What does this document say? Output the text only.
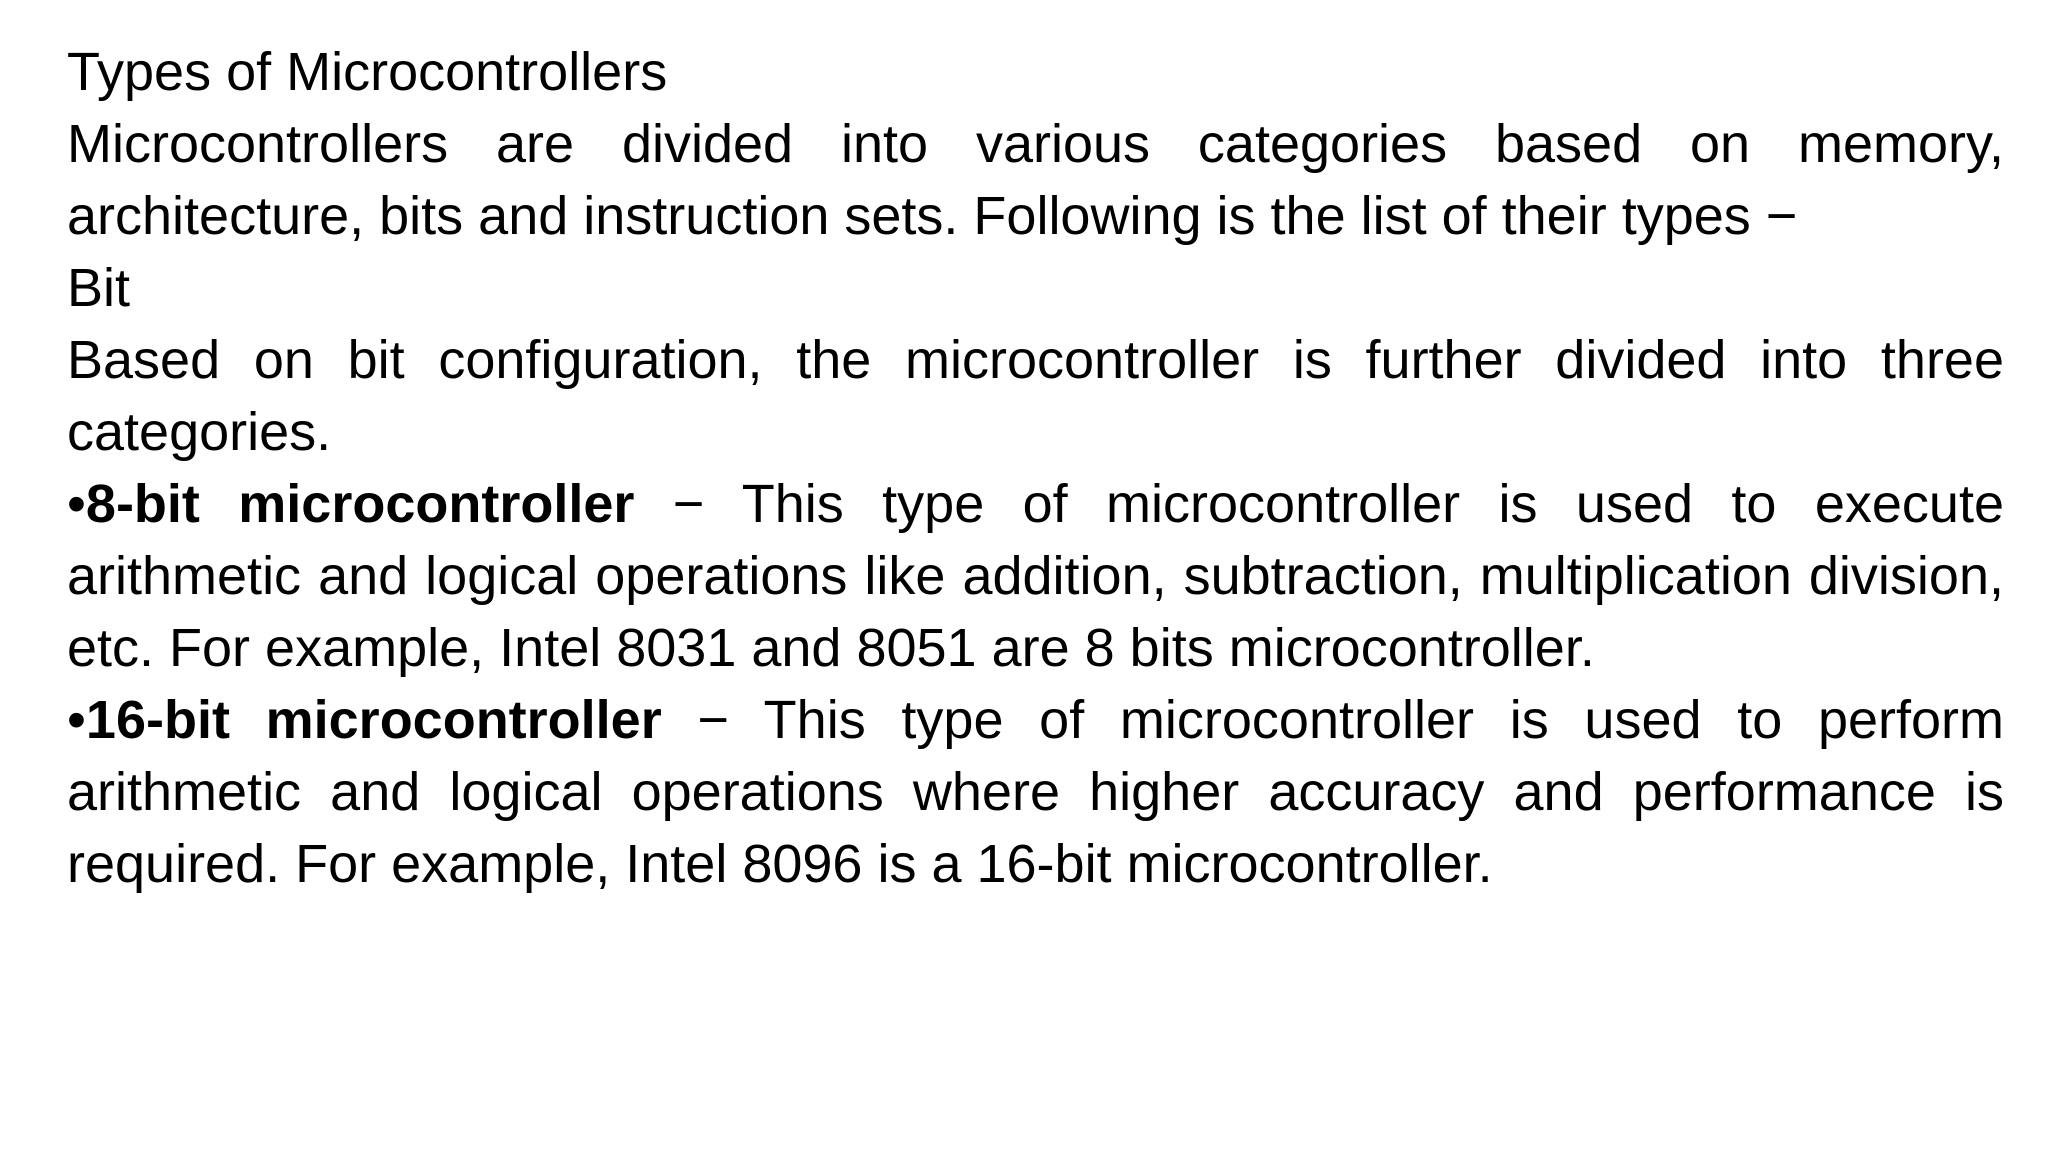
Types of Microcontrollers

Microcontrollers are divided into various categories based on memory, architecture, bits and instruction sets. Following is the list of their types −

Bit

Based on bit configuration, the microcontroller is further divided into three categories.

•8-bit microcontroller − This type of microcontroller is used to execute arithmetic and logical operations like addition, subtraction, multiplication division, etc. For example, Intel 8031 and 8051 are 8 bits microcontroller.

•16-bit microcontroller − This type of microcontroller is used to perform arithmetic and logical operations where higher accuracy and performance is required. For example, Intel 8096 is a 16-bit microcontroller.
